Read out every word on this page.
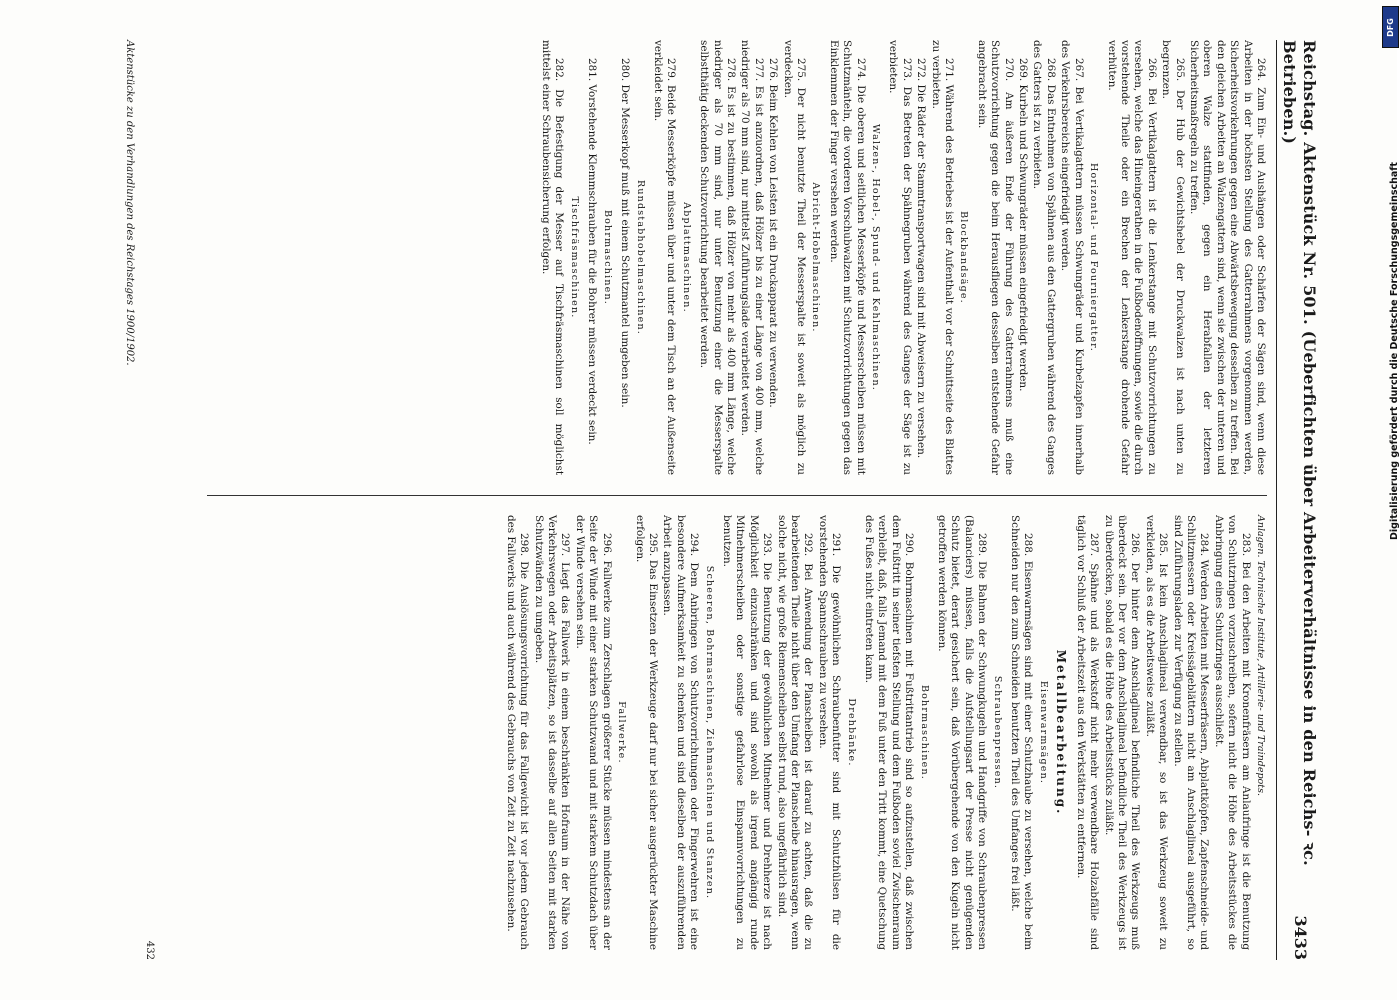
Reichstag. Aktenstück Nr. 501. (Ueberfichten über Arbeiterverhältnisse in den Reichs- ꝛc. Betrieben.)
3433
264. Zum Ein- und Aushängen oder Schärfen der Sägen sind, wenn diese Arbeiten in der höchsten Stellung des Gatterrahmens vorgenommen werden, Sicherheitsvorkehrungen gegen eine Abwärtsbewegung desselben zu treffen. Bei den gleichen Arbeiten an Walzengattern sind, wenn sie zwischen der unteren und oberen Walze stattfinden, gegen ein Herabfallen der letzteren Sicherheitsmaßregeln zu treffen.
265. Der Hub der Gewichtshebel der Druckwalzen ist nach unten zu begrenzen.
266. Bei Vertikalgattern ist die Lenkerstange mit Schutzvorrichtungen zu versehen, welche das Hineingerathen in die Fußbodenöffnungen, sowie die durch vorstehende Theile oder ein Brechen der Lenkerstange drohende Gefahr verhüten.
Horizontal- und Fourniergatter.
267. Bei Vertikalgattern müssen Schwungräder und Kurbelzapfen innerhalb des Verkehrsbereichs eingefriedigt werden.
268. Das Entnehmen von Spähnen aus den Gattergruben während des Ganges des Gatters ist zu verbieten.
269. Kurbeln und Schwungräder müssen eingefriedigt werden.
270. Am äußeren Ende der Führung des Gatterrahmens muß eine Schutzvorrichtung gegen die beim Herausfliegen desselben entstehende Gefahr angebracht sein.
Blockbandsäge.
271. Während des Betriebes ist der Aufenthalt vor der Schnittseite des Blattes zu verbieten.
272. Die Räder der Stammtransportwagen sind mit Abweisern zu versehen.
273. Das Betreten der Spähnegruben während des Ganges der Säge ist zu verbieten.
Walzen-, Hobel-, Spund- und Kehlmaschinen.
274. Die oberen und seitlichen Messerköpfe und Messerscheiben müssen mit Schutzmänteln, die vorderen Vorschubwalzen mit Schutzvorrichtungen gegen das Einklemmen der Finger versehen werden.
Abricht-Hobelmaschinen.
275. Der nicht benutzte Theil der Messerspalte ist soweit als möglich zu verdecken.
276. Beim Kehlen von Leisten ist ein Druckapparat zu verwenden.
277. Es ist anzuordnen, daß Hölzer bis zu einer Länge von 400 mm, welche niedriger als 70 mm sind, nur mittelst Zuführungslade verarbeitet werden.
278. Es ist zu bestimmen, daß Hölzer von mehr als 400 mm Länge, welche niedriger als 70 mm sind, nur unter Benutzung einer die Messerspalte selbstthätig deckenden Schutzvorrichtung bearbeitet werden.
Abplattmaschinen.
279. Beide Messerköpfe müssen über und unter dem Tisch an der Außenseite verkleidet sein.
Rundstabhobelmaschinen.
280. Der Messerkopf muß mit einem Schutzmantel umgeben sein.
Bohrmaschinen.
281. Vorstehende Klemmschrauben für die Bohrer müssen verdeckt sein.
Tischfräsmaschinen.
282. Die Befestigung der Messer auf Tischfräsmaschinen soll möglichst mittelst einer Schraubensicherung erfolgen.
Anlagen. Technische Institute, Artillerie- und Traindepots.
283. Bei den Arbeiten mit Kronenfräsern am Anlaufringe ist die Benutzung von Schutzringen vorzuschreiben, sofern nicht die Höhe des Arbeitsstückes die Anbringung eines Schutzringes ausschließt.
284. Werden Arbeiten mit Messerfräsern, Abplattköpfen, Zapfenschneide- und Schlitzmessern oder Kreissägeblättern nicht am Anschlaglineal ausgeführt, so sind Zuführungsladen zur Verfügung zu stellen.
285. Ist kein Anschlaglineal verwendbar, so ist das Werkzeug soweit zu verkleiden, als es die Arbeitsweise zuläßt.
286. Der hinter dem Anschlaglineal befindliche Theil des Werkzeugs muß überdeckt sein. Der vor dem Anschlaglineal befindliche Theil des Werkzeugs ist zu überdecken, sobald es die Höhe des Arbeitsstücks zuläßt.
287. Spähne und als Werkstoff nicht mehr verwendbare Holzabfälle sind täglich vor Schluß der Arbeitszeit aus den Werkstätten zu entfernen.
Metallbearbeitung.
Eisenwarmsägen.
288. Eisenwarmsägen sind mit einer Schutzhaube zu versehen, welche beim Schneiden nur den zum Schneiden benutzten Theil des Umfanges frei läßt.
Schraubenpressen.
289. Die Bahnen der Schwungkugeln und Handgriffe von Schraubenpressen (Balanciers) müssen, falls die Aufstellungsart der Presse nicht genügenden Schutz bietet, derart gesichert sein, daß Vorübergehende von den Kugeln nicht getroffen werden können.
Bohrmaschinen.
290. Bohrmaschinen mit Fußtrittantrieb sind so aufzustellen, daß zwischen dem Fußtritt in seiner tiefsten Stellung und dem Fußboden soviel Zwischenraum verbleibt, daß, falls Jemand mit dem Fuß unter den Tritt kommt, eine Quetschung des Fußes nicht eintreten kann.
Drehbänke.
291. Die gewöhnlichen Schraubenfutter sind mit Schutzhülsen für die vorstehenden Spannschrauben zu versehen.
292. Bei Anwendung der Planscheiben ist darauf zu achten, daß die zu bearbeitenden Theile nicht über den Umfang der Planscheibe hinausragen, wenn solche nicht, wie große Riemenscheiben selbst rund, also ungefährlich sind.
293. Die Benutzung der gewöhnlichen Mitnehmer und Drehherze ist nach Möglichkeit einzuschränken und sind sowohl als irgend angängig runde Mitnehmerscheiben oder sonstige gefahrlose Einspannvorrichtungen zu benutzen.
Scheeren, Bohrmaschinen, Ziehmaschinen und Stanzen.
294. Dem Anbringen von Schutzvorrichtungen oder Fingerwehren ist eine besondere Aufmerksamkeit zu schenken und sind dieselben der auszuführenden Arbeit anzupassen.
295. Das Einsetzen der Werkzeuge darf nur bei sicher ausgerückter Maschine erfolgen.
Fallwerke.
296. Fallwerke zum Zerschlagen größerer Stücke müssen mindestens an der Seite der Winde mit einer starken Schutzwand und mit starkem Schutzdach über der Winde versehen sein.
297. Liegt das Fallwerk in einem beschränkten Hofraum in der Nähe von Verkehrswegen oder Arbeitsplätzen, so ist dasselbe auf allen Seiten mit starken Schutzwänden zu umgeben.
298. Die Auslösungsvorrichtung für das Fallgewicht ist vor jedem Gebrauch des Fallwerks und auch während des Gebrauchs von Zeit zu Zeit nachzusehen.
Aktenstücke zu den Verhandlungen des Reichstages 1900/1902.
432
DFG
Digitalisierung gefördert durch die Deutsche Forschungsgemeinschaft
